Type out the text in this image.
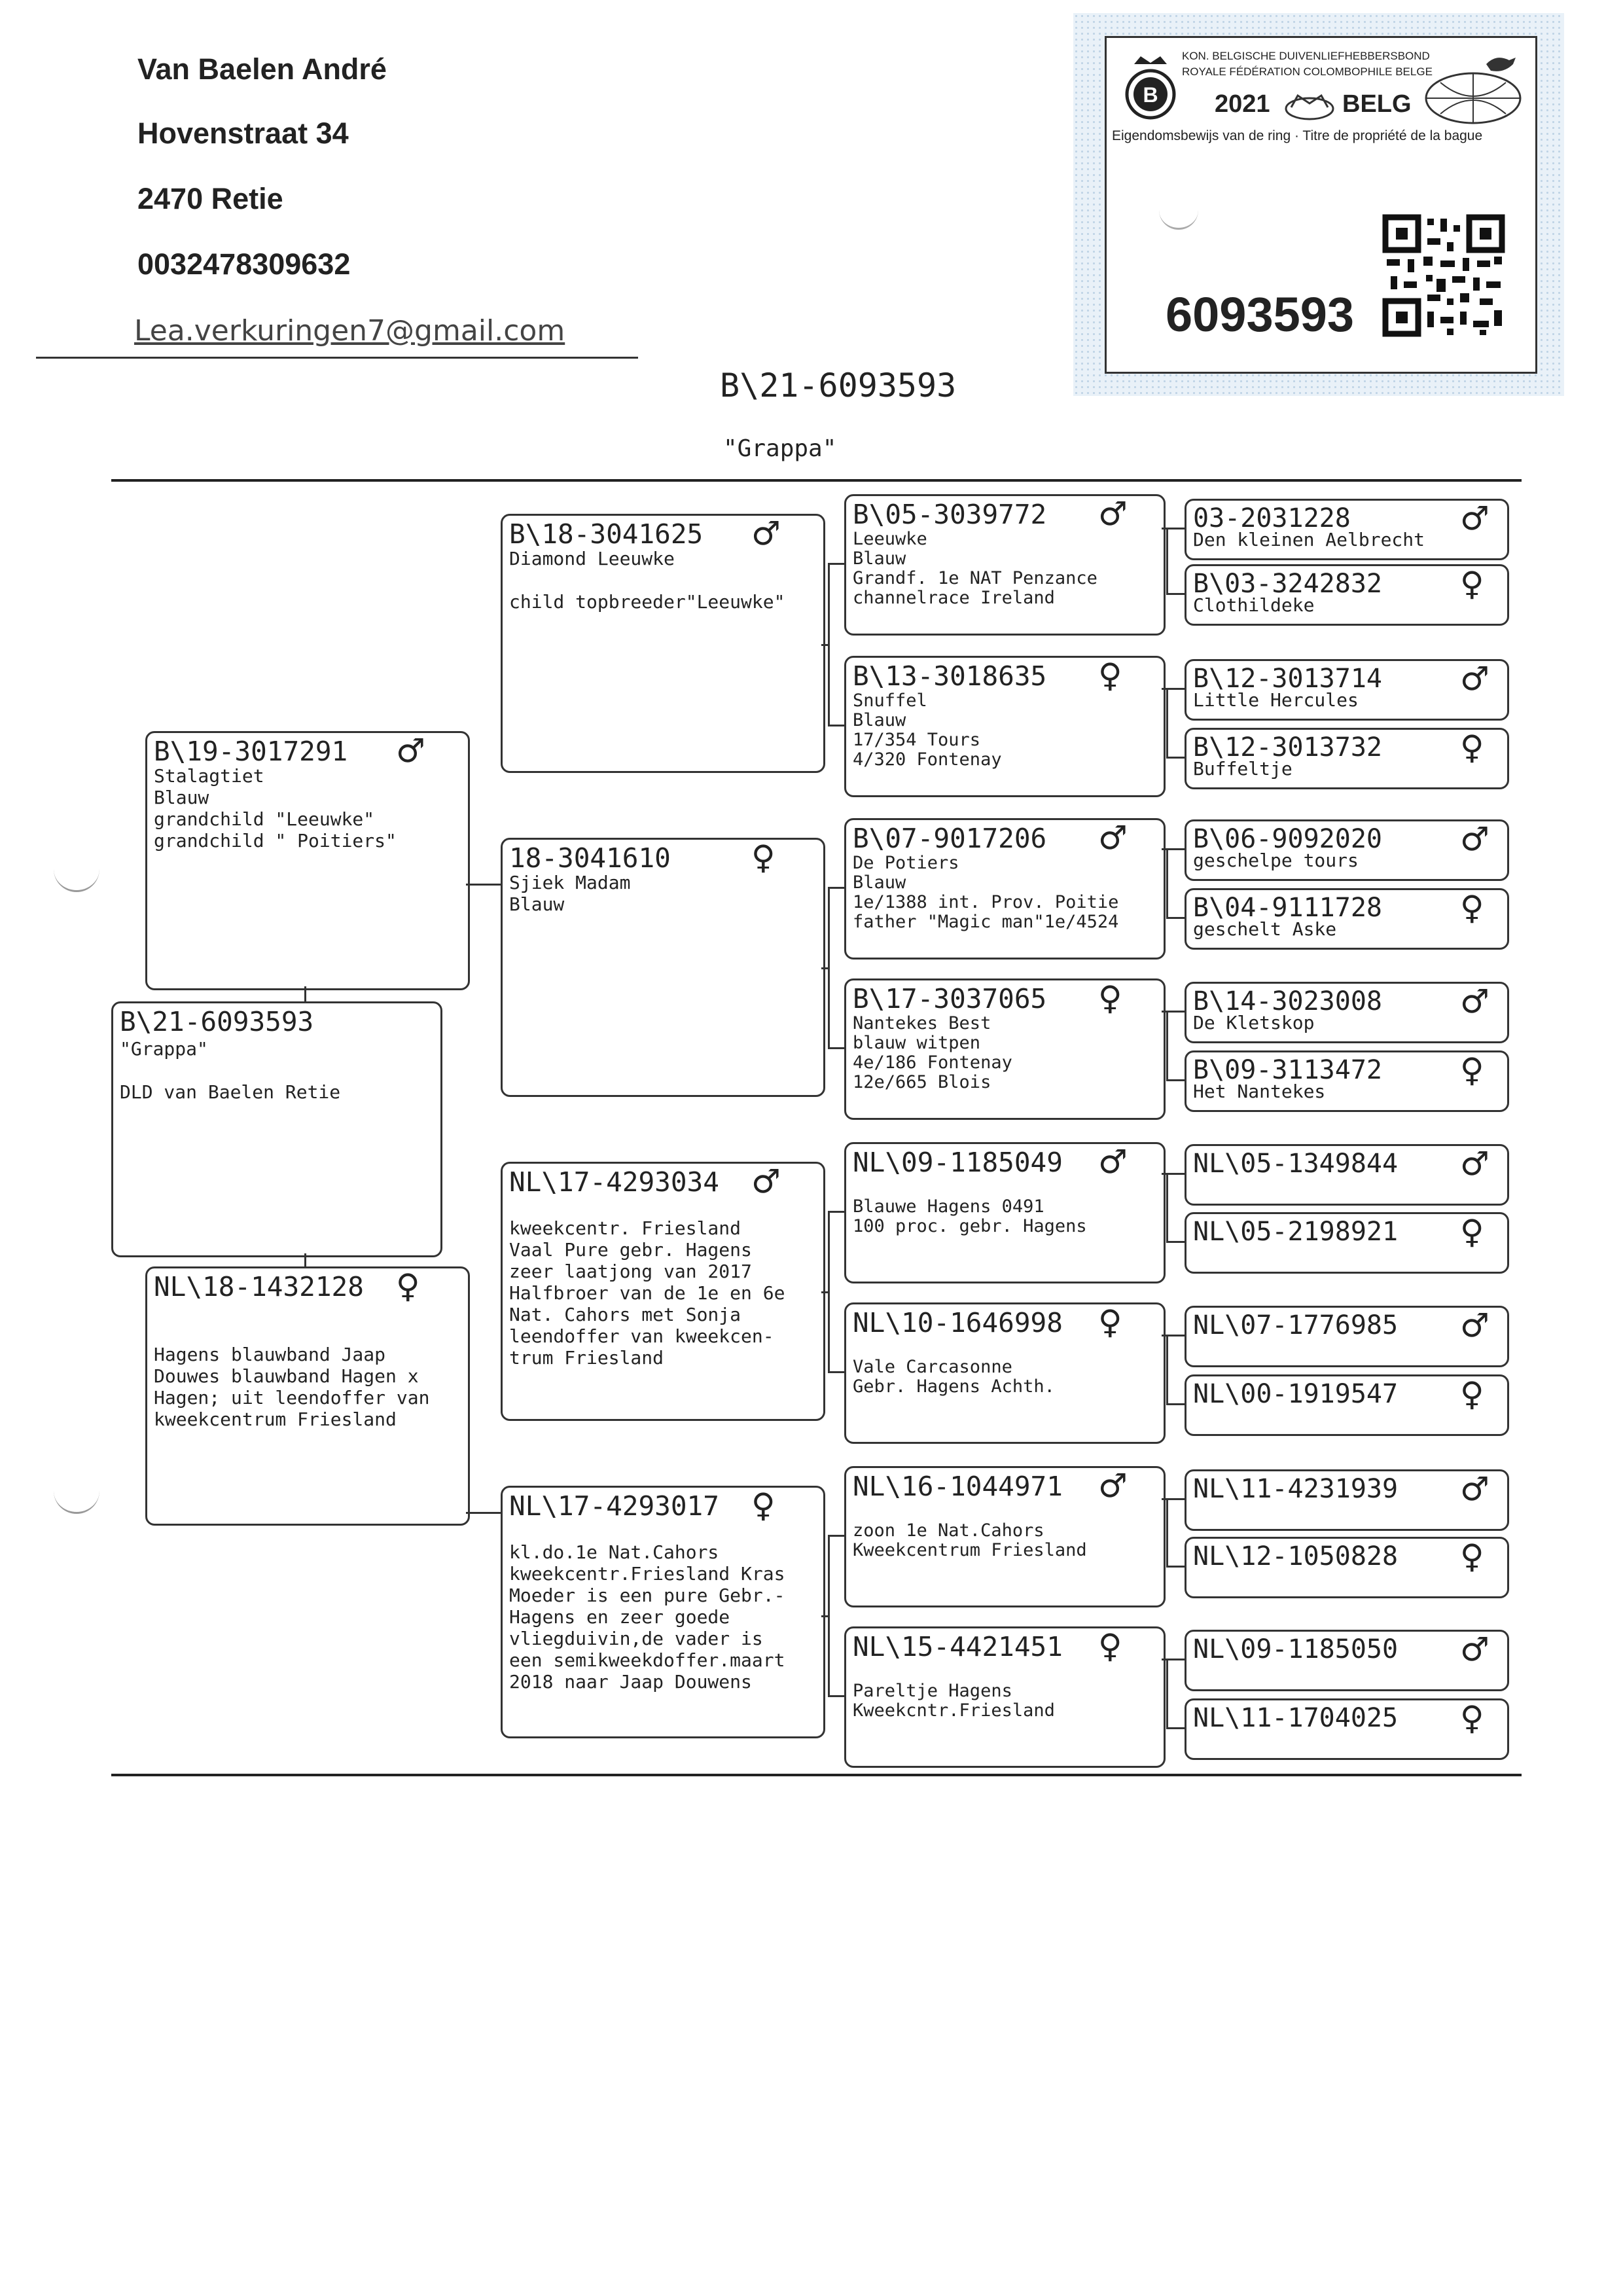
Van Baelen André
Hovenstraat 34
2470 Retie
0032478309632
Lea.verkuringen7@gmail.com
B\21-6093593
"Grappa"
B
KON. BELGISCHE DUIVENLIEFHEBBERSBOND
ROYALE FÉDÉRATION COLOMBOPHILE BELGE
2021	BELG
Eigendomsbewijs van de ring · Titre de propriété de la bague
6093593
03-2031228	♂
Den kleinen Aelbrecht
B\03-3242832 ♀
Clothildeke
B\12-3013714 ♂
Little Hercules
B\12-3013732 ♀
Buffeltje
B\06-9092020 ♂
geschelpe tours
B\04-9111728 ♀
geschelt Aske
B\14-3023008 ♂
De Kletskop
B\09-3113472 ♀
Het Nantekes
NL\05-1349844 ♂
NL\05-2198921 ♀
NL\07-1776985 ♂
NL\00-1919547 ♀
NL\11-4231939 ♂
NL\12-1050828 ♀
NL\09-1185050 ♂
NL\11-1704025 ♀
B\05-3039772 ♂
Leeuwke
Blauw
Grandf. 1e NAT Penzance
channelrace Ireland
B\13-3018635 ♀
Snuffel
Blauw
17/354 Tours
4/320 Fontenay
B\07-9017206 ♂
De Potiers
Blauw
1e/1388 int. Prov. Poitie
father "Magic man"1e/4524
B\17-3037065 ♀
Nantekes Best
blauw witpen
4e/186 Fontenay
12e/665 Blois
NL\09-1185049 ♂
Blauwe Hagens 0491
100 proc. gebr. Hagens
NL\10-1646998 ♀
Vale Carcasonne
Gebr. Hagens Achth.
NL\16-1044971 ♂
zoon 1e Nat.Cahors
Kweekcentrum Friesland
NL\15-4421451 ♀
Pareltje Hagens
Kweekcntr.Friesland
B\18-3041625 ♂
Diamond Leeuwke
child topbreeder"Leeuwke"
18-3041610 ♀
Sjiek Madam
Blauw
NL\17-4293034 ♂
kweekcentr. Friesland
Vaal Pure gebr. Hagens
zeer laatjong van 2017
Halfbroer van de 1e en 6e
Nat. Cahors met Sonja
leendoffer van kweekcen-
trum Friesland
NL\17-4293017 ♀
kl.do.1e Nat.Cahors
kweekcentr.Friesland Kras
Moeder is een pure Gebr.-
Hagens en zeer goede
vliegduivin,de vader is
een semikweekdoffer.maart
2018 naar Jaap Douwens
B\19-3017291 ♂
Stalagtiet
Blauw
grandchild "Leeuwke"
grandchild " Poitiers"
NL\18-1432128 ♀
Hagens blauwband Jaap
Douwes blauwband Hagen x
Hagen; uit leendoffer van
kweekcentrum Friesland
B\21-6093593
"Grappa"
DLD van Baelen Retie
